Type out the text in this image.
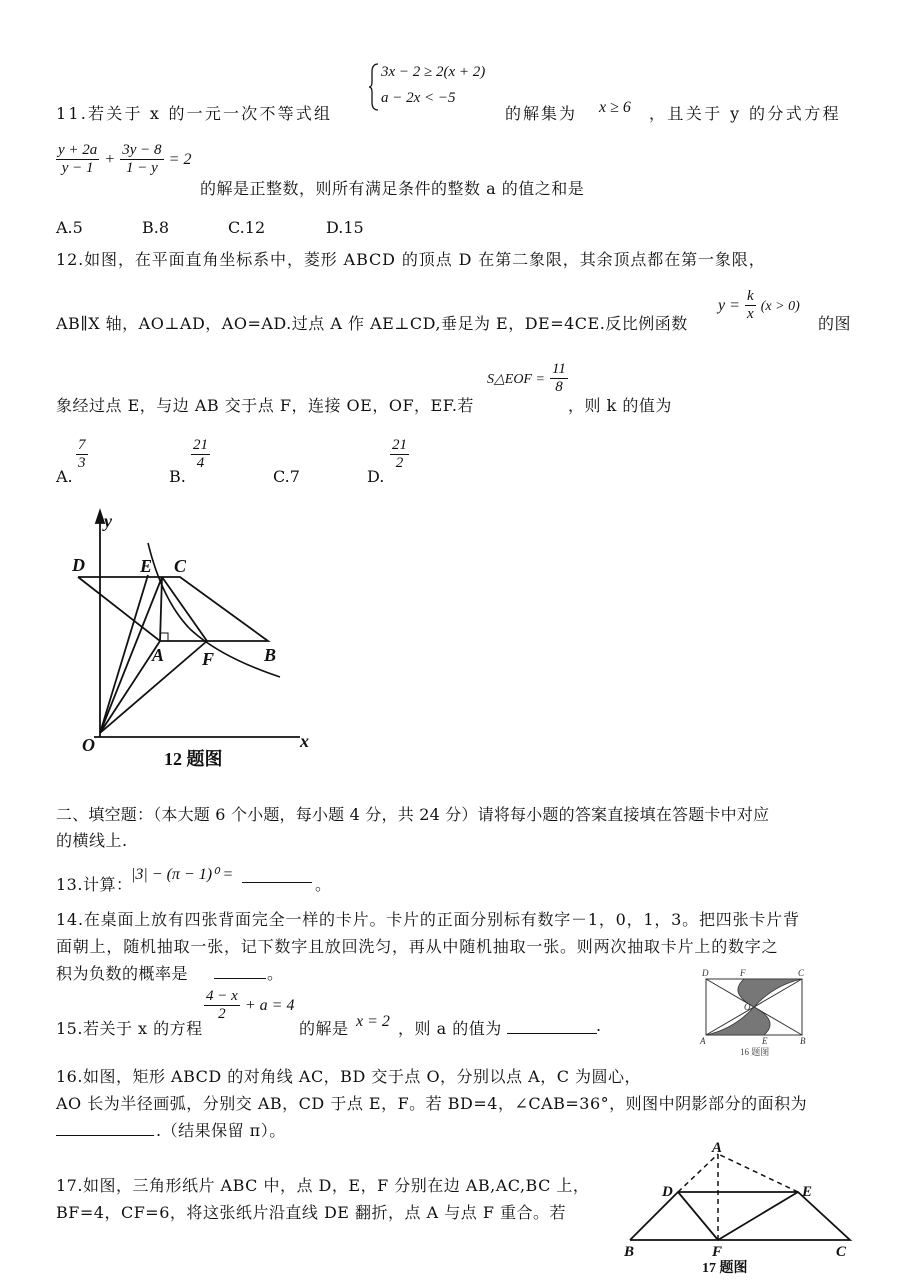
3x − 2 ≥ 2(x + 2)
a − 2x < −5
11.若关于 x 的一元一次不等式组	的解集为 x ≥ 6 ，且关于 y 的分式方程
$\frac{y + 2a}{y - 1} + \frac{3y - 8}{1 - y} = 2$
的解是正整数，则所有满足条件的整数 a 的值之和是
A.5	B.8	C.12	D.15
12.如图，在平面直角坐标系中，菱形 ABCD 的顶点 D 在第二象限，其余顶点都在第一象限，
AB∥X 轴，AO⊥AD，AO=AD.过点 A 作 AE⊥CD,垂足为 E，DE=4CE.反比例函数
$y = \frac{k}{x} (x > 0)$
的图
象经过点 E，与边 AB 交于点 F，连接 OE，OF，EF.若
S△EOF = $\frac{11}{8}$
，则 k 的值为
A.
$\frac{7}{3}$
B.
$\frac{21}{4}$
C.7	D.
$\frac{21}{2}$
y
x
O
D	E C
A F	B
12 题图
二、填空题：（本大题 6 个小题，每小题 4 分，共 24 分）请将每小题的答案直接填在答题卡中对应
的横线上.
13.计算：
|3| − (π − 1)⁰ =
。
14.在桌面上放有四张背面完全一样的卡片。卡片的正面分别标有数字－1，0，1，3。把四张卡片背
面朝上，随机抽取一张，记下数字且放回洗匀，再从中随机抽取一张。则两次抽取卡片上的数字之
积为负数的概率是	。
15.若关于 x 的方程
$\frac{4 - x}{2} + a = 4$
的解是 x = 2 ，则 a 的值为	.
16.如图，矩形 ABCD 的对角线 AC，BD 交于点 O，分别以点 A，C 为圆心，
AO 长为半径画弧，分别交 AB，CD 于点 E，F。若 BD=4，∠CAB=36°，则图中阴影部分的面积为
.（结果保留 π）。
D	F	C
O
A	E	B
16 题图
17.如图，三角形纸片 ABC 中，点 D，E，F 分别在边 AB,AC,BC 上，
BF=4，CF=6，将这张纸片沿直线 DE 翻折，点 A 与点 F 重合。若
A
D	E
B	F	C
17 题图
